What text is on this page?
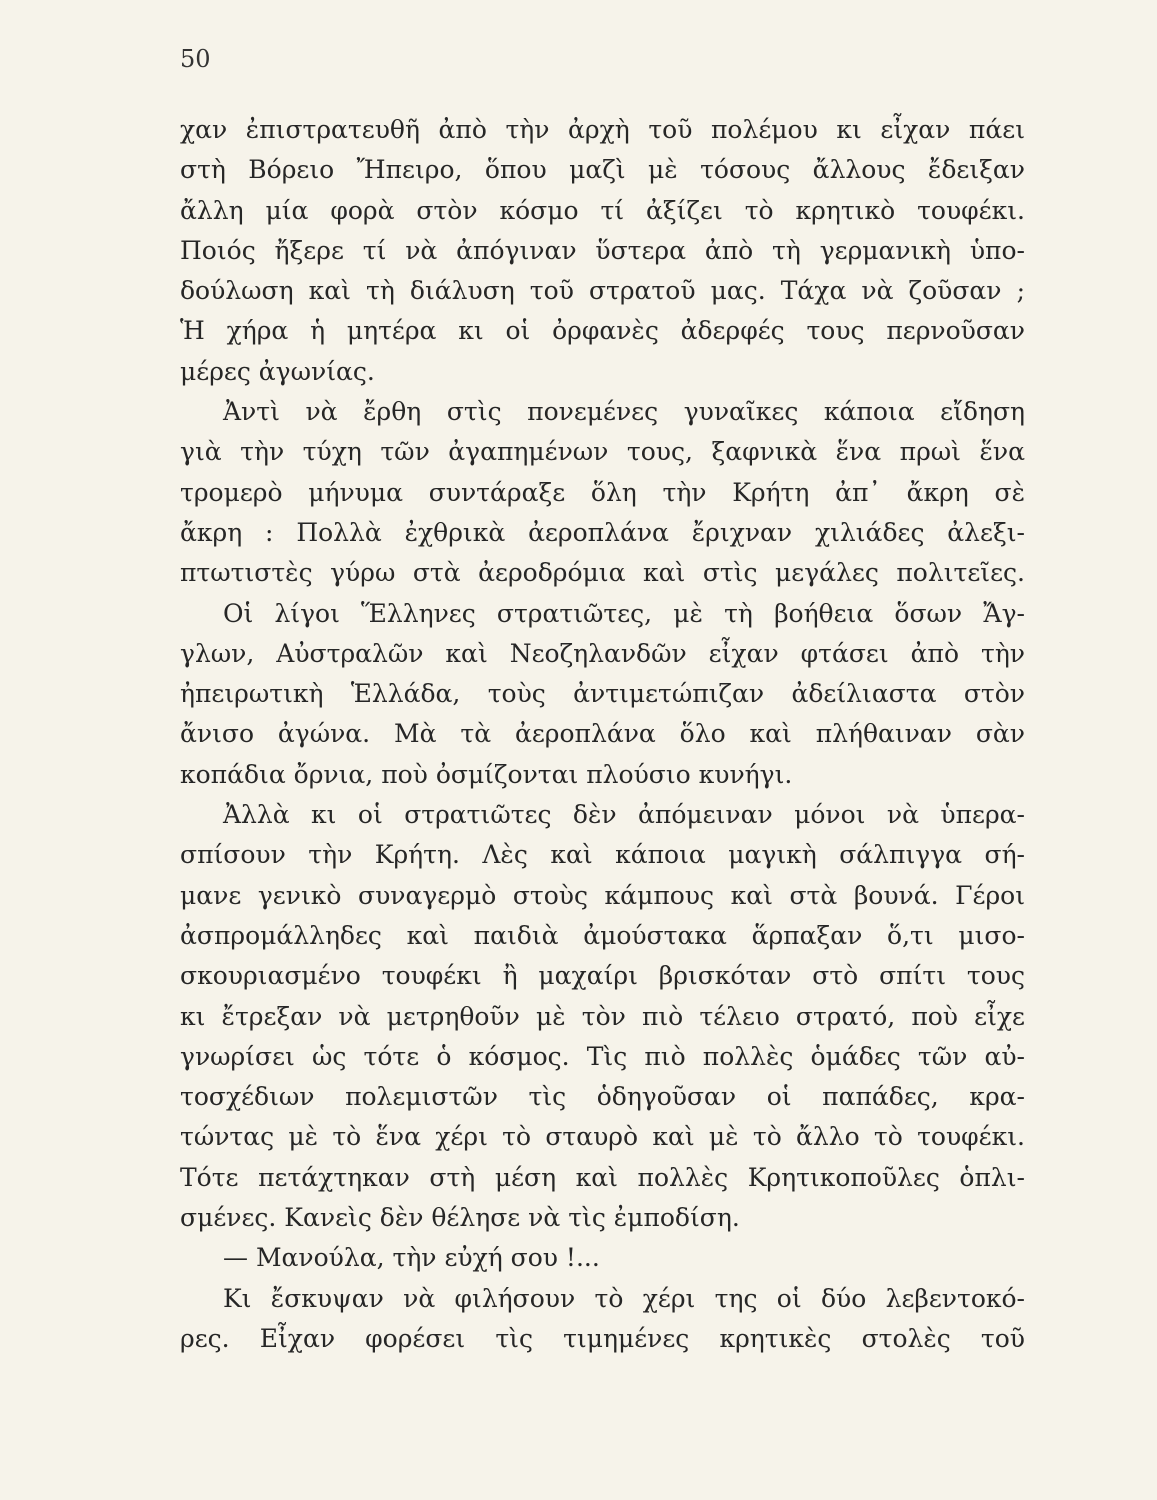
50
χαν ἐπιστρατευθῆ ἀπὸ τὴν ἀρχὴ τοῦ πολέμου κι εἶχαν πάει
στὴ Βόρειο Ἤπειρο, ὅπου μαζὶ μὲ τόσους ἄλλους ἔδειξαν
ἄλλη μία φορὰ στὸν κόσμο τί ἀξίζει τὸ κρητικὸ τουφέκι.
Ποιός ἤξερε τί νὰ ἀπόγιναν ὕστερα ἀπὸ τὴ γερμανικὴ ὑπο-
δούλωση καὶ τὴ διάλυση τοῦ στρατοῦ μας. Τάχα νὰ ζοῦσαν ;
Ἡ χήρα ἡ μητέρα κι οἱ ὀρφανὲς ἀδερφές τους περνοῦσαν
μέρες ἀγωνίας.
Ἀντὶ νὰ ἔρθη στὶς πονεμένες γυναῖκες κάποια εἴδηση
γιὰ τὴν τύχη τῶν ἀγαπημένων τους, ξαφνικὰ ἕνα πρωὶ ἕνα
τρομερὸ μήνυμα συντάραξε ὅλη τὴν Κρήτη ἀπ᾿ ἄκρη σὲ
ἄκρη : Πολλὰ ἐχθρικὰ ἀεροπλάνα ἔριχναν χιλιάδες ἀλεξι-
πτωτιστὲς γύρω στὰ ἀεροδρόμια καὶ στὶς μεγάλες πολιτεῖες.
Οἱ λίγοι Ἕλληνες στρατιῶτες, μὲ τὴ βοήθεια ὅσων Ἄγ-
γλων, Αὐστραλῶν καὶ Νεοζηλανδῶν εἶχαν φτάσει ἀπὸ τὴν
ἠπειρωτικὴ Ἑλλάδα, τοὺς ἀντιμετώπιζαν ἀδείλιαστα στὸν
ἄνισο ἀγώνα. Μὰ τὰ ἀεροπλάνα ὅλο καὶ πλήθαιναν σὰν
κοπάδια ὄρνια, ποὺ ὀσμίζονται πλούσιο κυνήγι.
Ἀλλὰ κι οἱ στρατιῶτες δὲν ἀπόμειναν μόνοι νὰ ὑπερα-
σπίσουν τὴν Κρήτη. Λὲς καὶ κάποια μαγικὴ σάλπιγγα σή-
μανε γενικὸ συναγερμὸ στοὺς κάμπους καὶ στὰ βουνά. Γέροι
ἀσπρομάλληδες καὶ παιδιὰ ἀμούστακα ἅρπαξαν ὅ,τι μισο-
σκουριασμένο τουφέκι ἢ μαχαίρι βρισκόταν στὸ σπίτι τους
κι ἔτρεξαν νὰ μετρηθοῦν μὲ τὸν πιὸ τέλειο στρατό, ποὺ εἶχε
γνωρίσει ὡς τότε ὁ κόσμος. Τὶς πιὸ πολλὲς ὁμάδες τῶν αὐ-
τοσχέδιων πολεμιστῶν τὶς ὁδηγοῦσαν οἱ παπάδες, κρα-
τώντας μὲ τὸ ἕνα χέρι τὸ σταυρὸ καὶ μὲ τὸ ἄλλο τὸ τουφέκι.
Τότε πετάχτηκαν στὴ μέση καὶ πολλὲς Κρητικοποῦλες ὁπλι-
σμένες. Κανεὶς δὲν θέλησε νὰ τὶς ἐμποδίση.
— Μανούλα, τὴν εὐχή σου !...
Κι ἔσκυψαν νὰ φιλήσουν τὸ χέρι της οἱ δύο λεβεντοκό-
ρες. Εἶχαν φορέσει τὶς τιμημένες κρητικὲς στολὲς τοῦ
